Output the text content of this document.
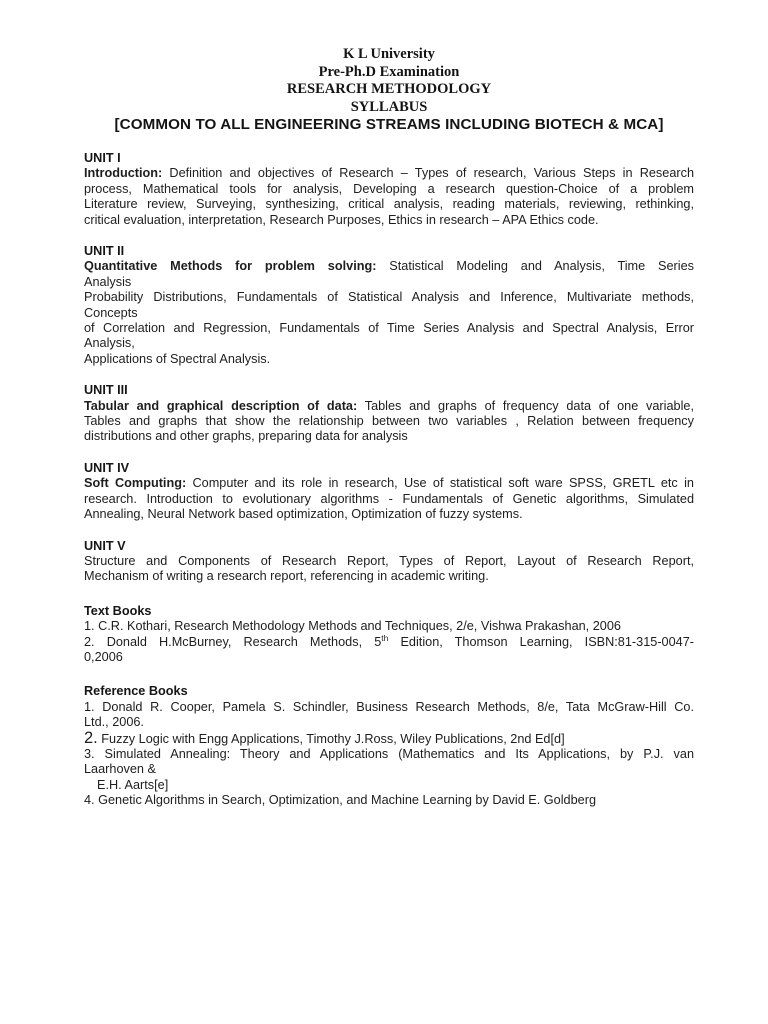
K L University
Pre-Ph.D Examination
RESEARCH METHODOLOGY
SYLLABUS
[COMMON TO ALL ENGINEERING STREAMS INCLUDING BIOTECH & MCA]
UNIT I
Introduction: Definition and objectives of Research – Types of research, Various Steps in Research
process, Mathematical tools for analysis, Developing a research question-Choice of a problem
Literature review, Surveying, synthesizing, critical analysis, reading materials, reviewing, rethinking,
critical evaluation, interpretation, Research Purposes, Ethics in research – APA Ethics code.
UNIT II
Quantitative Methods for problem solving: Statistical Modeling and Analysis, Time Series
Analysis
Probability Distributions, Fundamentals of Statistical Analysis and Inference, Multivariate methods,
Concepts
of Correlation and Regression, Fundamentals of Time Series Analysis and Spectral Analysis, Error
Analysis,
Applications of Spectral Analysis.
UNIT III
Tabular and graphical description of data: Tables and graphs of frequency data of one variable,
Tables and graphs that show the relationship between two variables , Relation between frequency
distributions and other graphs, preparing data for analysis
UNIT IV
Soft Computing: Computer and its role in research, Use of statistical soft ware SPSS, GRETL etc in
research. Introduction to evolutionary algorithms - Fundamentals of Genetic algorithms, Simulated
Annealing, Neural Network based optimization, Optimization of fuzzy systems.
UNIT V
Structure and Components of Research Report, Types of Report, Layout of Research Report,
Mechanism of writing a research report, referencing in academic writing.
Text Books
1. C.R. Kothari, Research Methodology Methods and Techniques, 2/e, Vishwa Prakashan, 2006
2. Donald H.McBurney, Research Methods, 5th Edition, Thomson Learning, ISBN:81-315-0047-
0,2006
Reference Books
1. Donald R. Cooper, Pamela S. Schindler, Business Research Methods, 8/e, Tata McGraw-Hill Co.
Ltd., 2006.
2. Fuzzy Logic with Engg Applications, Timothy J.Ross, Wiley Publications, 2nd Ed[d]
3. Simulated Annealing: Theory and Applications (Mathematics and Its Applications, by P.J. van
Laarhoven &
E.H. Aarts[e]
4. Genetic Algorithms in Search, Optimization, and Machine Learning by David E. Goldberg
